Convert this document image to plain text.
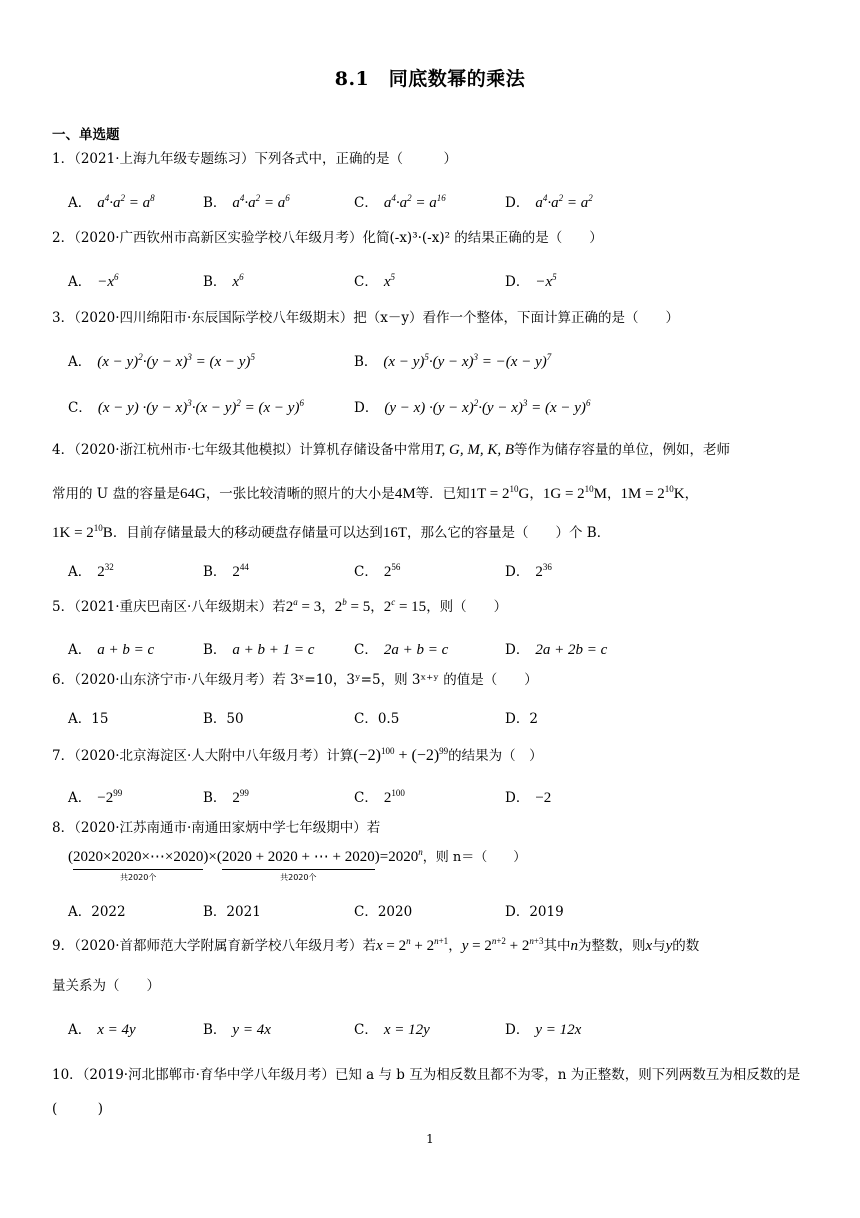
8.1　同底数幂的乘法
一、单选题
1．（2021·上海九年级专题练习）下列各式中，正确的是（　　　）
A． $a^4\cdot a^2 = a^8$	B． $a^4\cdot a^2 = a^6$	C． $a^4\cdot a^2 = a^{16}$	D． $a^4\cdot a^2 = a^2$
2．（2020·广西钦州市高新区实验学校八年级月考）化简(-x)³·(-x)² 的结果正确的是（　　）
A． $-x^6$	B． $x^6$	C． $x^5$	D． $-x^5$
3．（2020·四川绵阳市·东辰国际学校八年级期末）把（x－y）看作一个整体，下面计算正确的是（　　）
A． $(x - y)^2\cdot(y - x)^3 = (x - y)^5$	B． $(x - y)^5\cdot(y - x)^3 = -(x - y)^7$
C． $(x - y) \cdot(y - x)^3\cdot(x - y)^2 = (x - y)^6$	D． $(y - x) \cdot(y - x)^2\cdot(y - x)^3 = (x - y)^6$
4．（2020·浙江杭州市·七年级其他模拟）计算机存储设备中常用T, G, M, K, B等作为储存容量的单位，例如，老师
常用的 U 盘的容量是64G，一张比较清晰的照片的大小是4M等．已知$1T = 2^{10}G$，$1G = 2^{10}M$，$1M = 2^{10}K$，
$1K = 2^{10}B$．目前存储量最大的移动硬盘存储量可以达到16T，那么它的容量是（　　）个 B．
A． $2^{32}$	B． $2^{44}$	C． $2^{56}$	D． $2^{36}$
5．（2021·重庆巴南区·八年级期末）若$2^a = 3$，$2^b = 5$，$2^c = 15$，则（　　）
A． a + b = c	B． a + b + 1 = c	C． 2a + b = c	D． 2a + 2b = c
6．（2020·山东济宁市·八年级月考）若 3ˣ=10，3ʸ=5，则 3ˣ⁺ʸ 的值是（　　）
A．15	B．50	C．0.5	D．2
7．（2020·北京海淀区·人大附中八年级月考）计算$(-2)^{100} + (-2)^{99}$的结果为（　）
A． $-2^{99}$	B． $2^{99}$	C． $2^{100}$	D． −2
8．（2020·江苏南通市·南通田家炳中学七年级期中）若
(2020×2020×⋯×2020
共2020个
)×(2020 + 2020 + ⋯ + 2020
共2020个
)$=2020^n$，则 n＝（　　）
A．2022	B．2021	C．2020	D．2019
9．（2020·首都师范大学附属育新学校八年级月考）若$x = 2^n + 2^{n+1}$，$y = 2^{n+2} + 2^{n+3}$其中n为整数，则x与y的数
量关系为（　　）
A． x = 4y	B． y = 4x	C． x = 12y	D． y = 12x
10．（2019·河北邯郸市·育华中学八年级月考）已知 a 与 b 互为相反数且都不为零，n 为正整数，则下列两数互为相反数的是(　　　)
1
